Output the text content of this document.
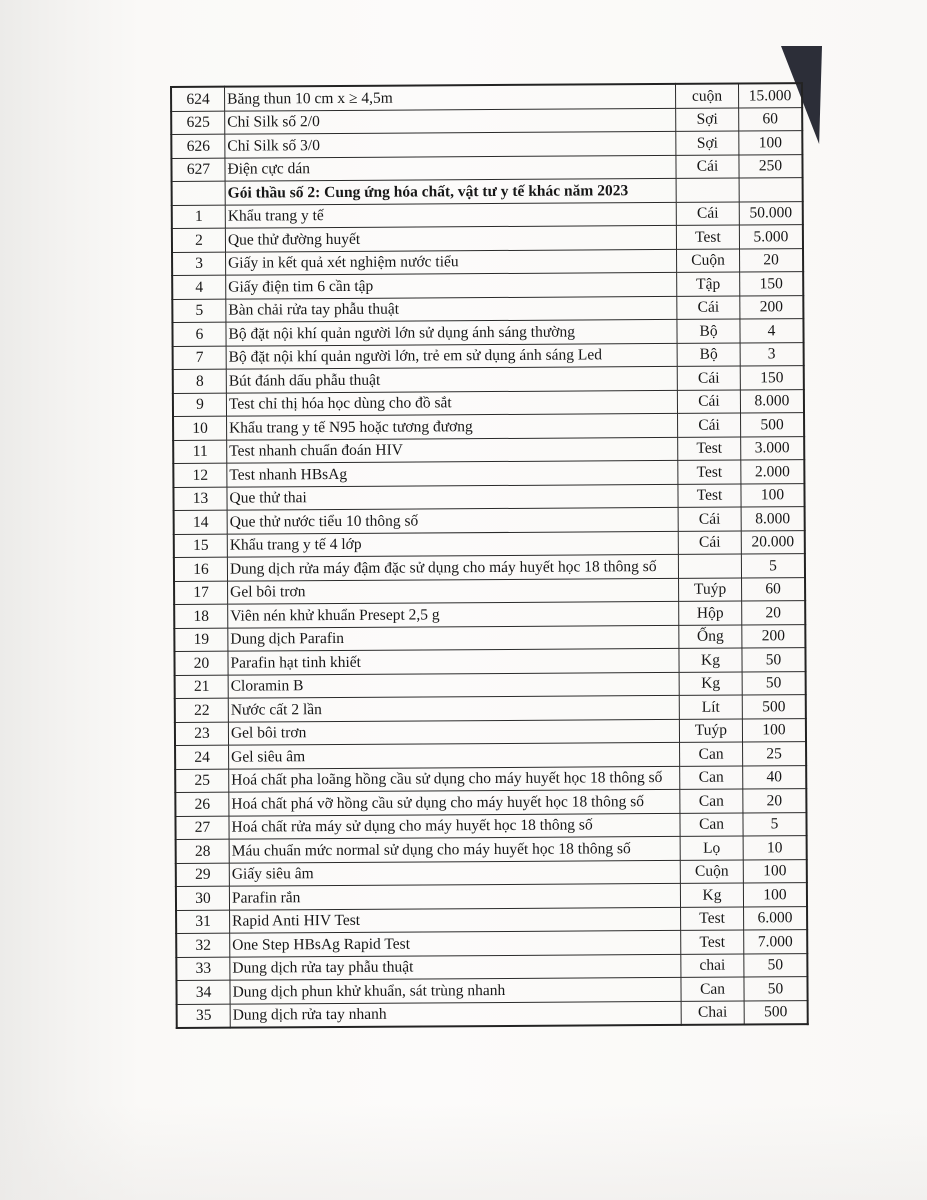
624	Băng thun 10 cm x ≥ 4,5m	cuộn	15.000
625	Chỉ Silk số 2/0	Sợi	60
626	Chỉ Silk số 3/0	Sợi	100
627	Điện cực dán	Cái	250
	Gói thầu số 2: Cung ứng hóa chất, vật tư y tế khác năm 2023		
1	Khẩu trang y tế	Cái	50.000
2	Que thử đường huyết	Test	5.000
3	Giấy in kết quả xét nghiệm nước tiểu	Cuộn	20
4	Giấy điện tim 6 cần tập	Tập	150
5	Bàn chải rửa tay phẫu thuật	Cái	200
6	Bộ đặt nội khí quản người lớn sử dụng ánh sáng thường	Bộ	4
7	Bộ đặt nội khí quản người lớn, trẻ em sử dụng ánh sáng Led	Bộ	3
8	Bút đánh dấu phẫu thuật	Cái	150
9	Test chỉ thị hóa học dùng cho đồ sắt	Cái	8.000
10	Khẩu trang y tế N95 hoặc tương đương	Cái	500
11	Test nhanh chuẩn đoán HIV	Test	3.000
12	Test nhanh HBsAg	Test	2.000
13	Que thử thai	Test	100
14	Que thử nước tiểu 10 thông số	Cái	8.000
15	Khẩu trang y tế 4 lớp	Cái	20.000
16	Dung dịch rửa máy đậm đặc sử dụng cho máy huyết học 18 thông số		5
17	Gel bôi trơn	Tuýp	60
18	Viên nén khử khuẩn Presept 2,5 g	Hộp	20
19	Dung dịch Parafin	Ống	200
20	Parafin hạt tinh khiết	Kg	50
21	Cloramin B	Kg	50
22	Nước cất 2 lần	Lít	500
23	Gel bôi trơn	Tuýp	100
24	Gel siêu âm	Can	25
25	Hoá chất pha loãng hồng cầu sử dụng cho máy huyết học 18 thông số	Can	40
26	Hoá chất phá vỡ hồng cầu sử dụng cho máy huyết học 18 thông số	Can	20
27	Hoá chất rửa máy sử dụng cho máy huyết học 18 thông số	Can	5
28	Máu chuẩn mức normal sử dụng cho máy huyết học 18 thông số	Lọ	10
29	Giấy siêu âm	Cuộn	100
30	Parafin rắn	Kg	100
31	Rapid Anti HIV Test	Test	6.000
32	One Step HBsAg Rapid Test	Test	7.000
33	Dung dịch rửa tay phẫu thuật	chai	50
34	Dung dịch phun khử khuẩn, sát trùng nhanh	Can	50
35	Dung dịch rửa tay nhanh	Chai	500
